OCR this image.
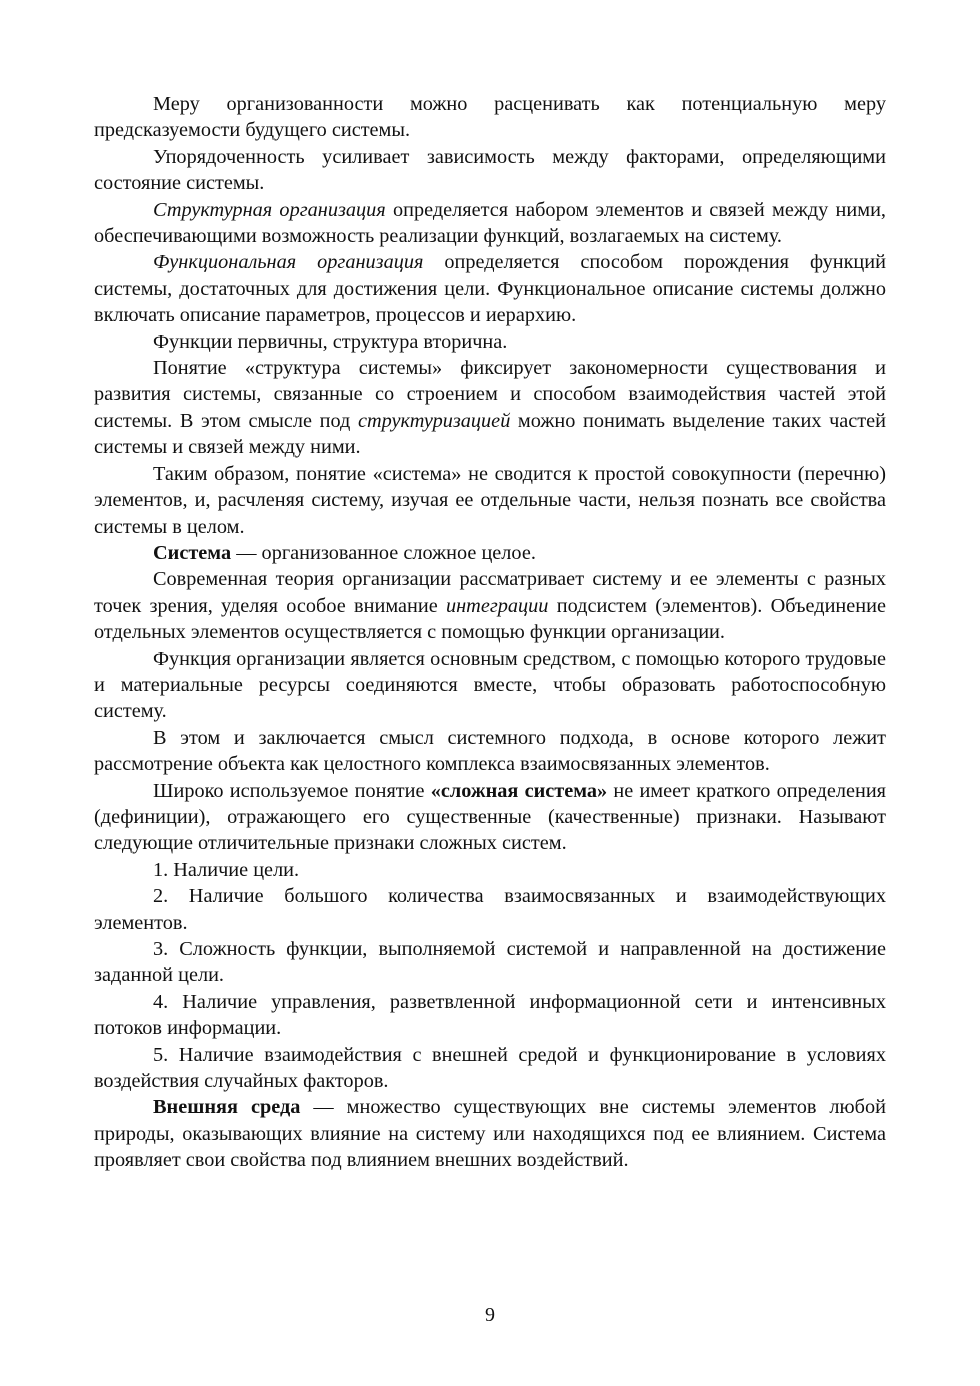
Меру организованности можно расценивать как потенциальную меру предсказуемости будущего системы.

Упорядоченность усиливает зависимость между факторами, определяющими состояние системы.

Структурная организация определяется набором элементов и связей между ними, обеспечивающими возможность реализации функций, возлагаемых на систему.

Функциональная организация определяется способом порождения функций системы, достаточных для достижения цели. Функциональное описание системы должно включать описание параметров, процессов и иерархию.

Функции первичны, структура вторична.

Понятие «структура системы» фиксирует закономерности существования и развития системы, связанные со строением и способом взаимодействия частей этой системы. В этом смысле под структуризацией можно понимать выделение таких частей системы и связей между ними.

Таким образом, понятие «система» не сводится к простой совокупности (перечню) элементов, и, расчленяя систему, изучая ее отдельные части, нельзя познать все свойства системы в целом.

Система — организованное сложное целое.

Современная теория организации рассматривает систему и ее элементы с разных точек зрения, уделяя особое внимание интеграции подсистем (элементов). Объединение отдельных элементов осуществляется с помощью функции организации.

Функция организации является основным средством, с помощью которого трудовые и материальные ресурсы соединяются вместе, чтобы образовать работоспособную систему.

В этом и заключается смысл системного подхода, в основе которого лежит рассмотрение объекта как целостного комплекса взаимосвязанных элементов.

Широко используемое понятие «сложная система» не имеет краткого определения (дефиниции), отражающего его существенные (качественные) признаки. Называют следующие отличительные признаки сложных систем.

1. Наличие цели.

2. Наличие большого количества взаимосвязанных и взаимодействующих элементов.

3. Сложность функции, выполняемой системой и направленной на достижение заданной цели.

4. Наличие управления, разветвленной информационной сети и интенсивных потоков информации.

5. Наличие взаимодействия с внешней средой и функционирование в условиях воздействия случайных факторов.

Внешняя среда — множество существующих вне системы элементов любой природы, оказывающих влияние на систему или находящихся под ее влиянием. Система проявляет свои свойства под влиянием внешних воздействий.

9
